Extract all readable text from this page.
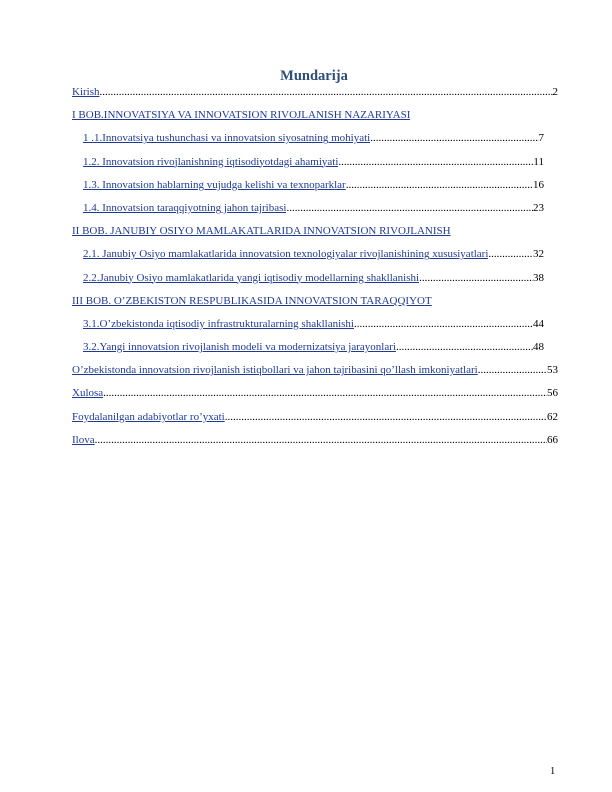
Mundarija
Kirish .....	2
I BOB.INNOVATSIYA VA INNOVATSION RIVOJLANISH NAZARIYASI
1 .1.Innovatsiya tushunchasi va innovatsion siyosatning mohiyati .....	7
1.2. Innovatsion rivojlanishning iqtisodiyotdagi ahamiyati .....	11
1.3. Innovatsion hablarning vujudga kelishi va texnoparklar .....	16
1.4. Innovatsion taraqqiyotning jahon tajribasi .....	23
II BOB. JANUBIY OSIYO MAMLAKATLARIDA INNOVATSION RIVOJLANISH
2.1. Janubiy Osiyo mamlakatlarida innovatsion texnologiyalar rivojlanishining xususiyatlari .....	32
2.2.Janubiy Osiyo mamlakatlarida yangi iqtisodiy modellarning shakllanishi .....	38
III BOB. O’ZBEKISTON RESPUBLIKASIDA INNOVATSION TARAQQIYOT
3.1.O’zbekistonda iqtisodiy infrastrukturalarning shakllanishi .....	44
3.2.Yangi innovatsion rivojlanish modeli va modernizatsiya jarayonlari .....	48
O’zbekistonda innovatsion rivojlanish istiqbollari va jahon tajribasini qo’llash imkoniyatlari .....	53
Xulosa .....	56
Foydalanilgan adabiyotlar ro’yxati .....	62
Ilova .....	66
1
